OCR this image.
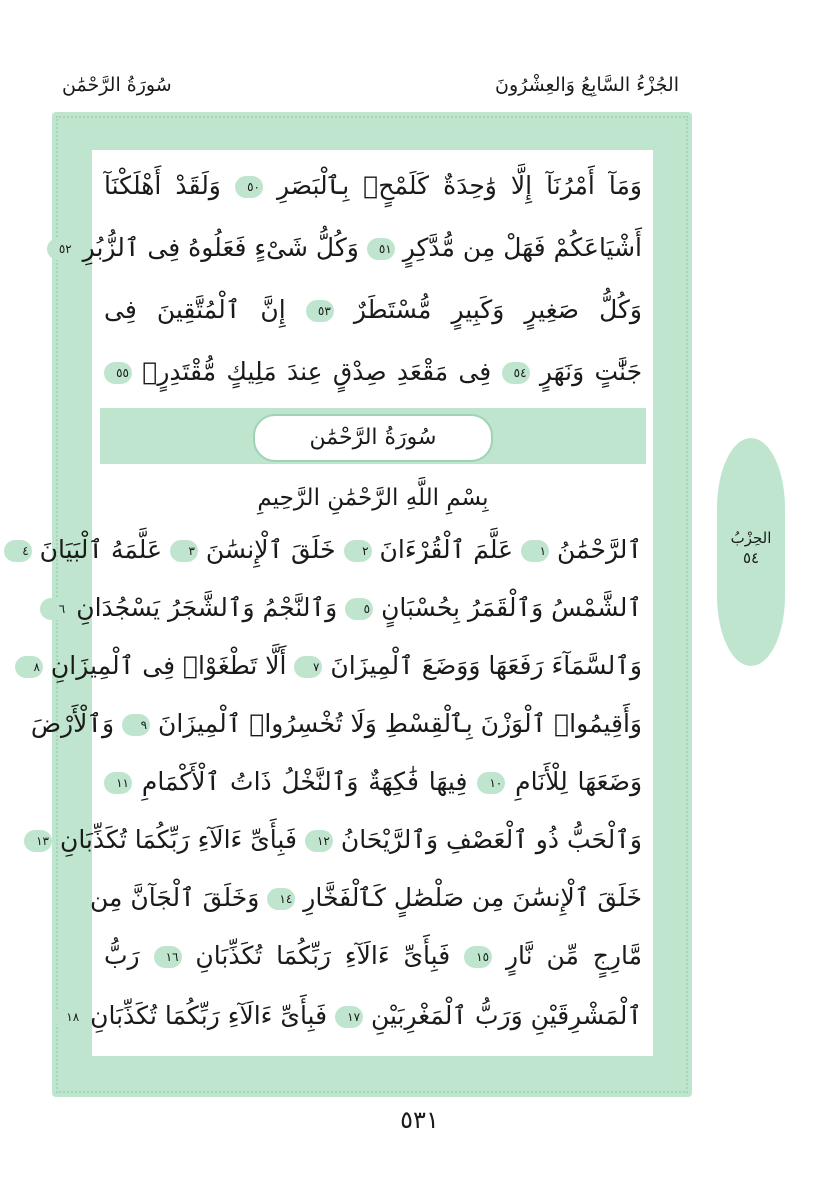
الجُزْءُ السَّابِعُ وَالعِشْرُونَ
سُورَةُ الرَّحْمَٰن
وَمَآ أَمْرُنَآ إِلَّا وَٰحِدَةٌ كَلَمْحٍۭ بِٱلْبَصَرِ ٥٠ وَلَقَدْ أَهْلَكْنَآ
أَشْيَاعَكُمْ فَهَلْ مِن مُّدَّكِرٍ ٥١ وَكُلُّ شَىْءٍ فَعَلُوهُ فِى ٱلزُّبُرِ ٥٢
وَكُلُّ صَغِيرٍ وَكَبِيرٍ مُّسْتَطَرٌ ٥٣ إِنَّ ٱلْمُتَّقِينَ فِى
جَنَّٰتٍ وَنَهَرٍ ٥٤ فِى مَقْعَدِ صِدْقٍ عِندَ مَلِيكٍ مُّقْتَدِرٍۭ ٥٥
سُورَةُ الرَّحْمَٰن
بِسْمِ اللَّهِ الرَّحْمَٰنِ الرَّحِيمِ
ٱلرَّحْمَٰنُ ١ عَلَّمَ ٱلْقُرْءَانَ ٢ خَلَقَ ٱلْإِنسَٰنَ ٣ عَلَّمَهُ ٱلْبَيَانَ ٤
ٱلشَّمْسُ وَٱلْقَمَرُ بِحُسْبَانٍ ٥ وَٱلنَّجْمُ وَٱلشَّجَرُ يَسْجُدَانِ ٦
وَٱلسَّمَآءَ رَفَعَهَا وَوَضَعَ ٱلْمِيزَانَ ٧ أَلَّا تَطْغَوْا۟ فِى ٱلْمِيزَانِ ٨
وَأَقِيمُوا۟ ٱلْوَزْنَ بِٱلْقِسْطِ وَلَا تُخْسِرُوا۟ ٱلْمِيزَانَ ٩ وَٱلْأَرْضَ
وَضَعَهَا لِلْأَنَامِ ١٠ فِيهَا فَٰكِهَةٌ وَٱلنَّخْلُ ذَاتُ ٱلْأَكْمَامِ ١١
وَٱلْحَبُّ ذُو ٱلْعَصْفِ وَٱلرَّيْحَانُ ١٢ فَبِأَىِّ ءَالَآءِ رَبِّكُمَا تُكَذِّبَانِ ١٣
خَلَقَ ٱلْإِنسَٰنَ مِن صَلْصَٰلٍ كَٱلْفَخَّارِ ١٤ وَخَلَقَ ٱلْجَآنَّ مِن
مَّارِجٍ مِّن نَّارٍ ١٥ فَبِأَىِّ ءَالَآءِ رَبِّكُمَا تُكَذِّبَانِ ١٦ رَبُّ
ٱلْمَشْرِقَيْنِ وَرَبُّ ٱلْمَغْرِبَيْنِ ١٧ فَبِأَىِّ ءَالَآءِ رَبِّكُمَا تُكَذِّبَانِ ١٨
الحِزْبُ
٥٤
٥٣١
